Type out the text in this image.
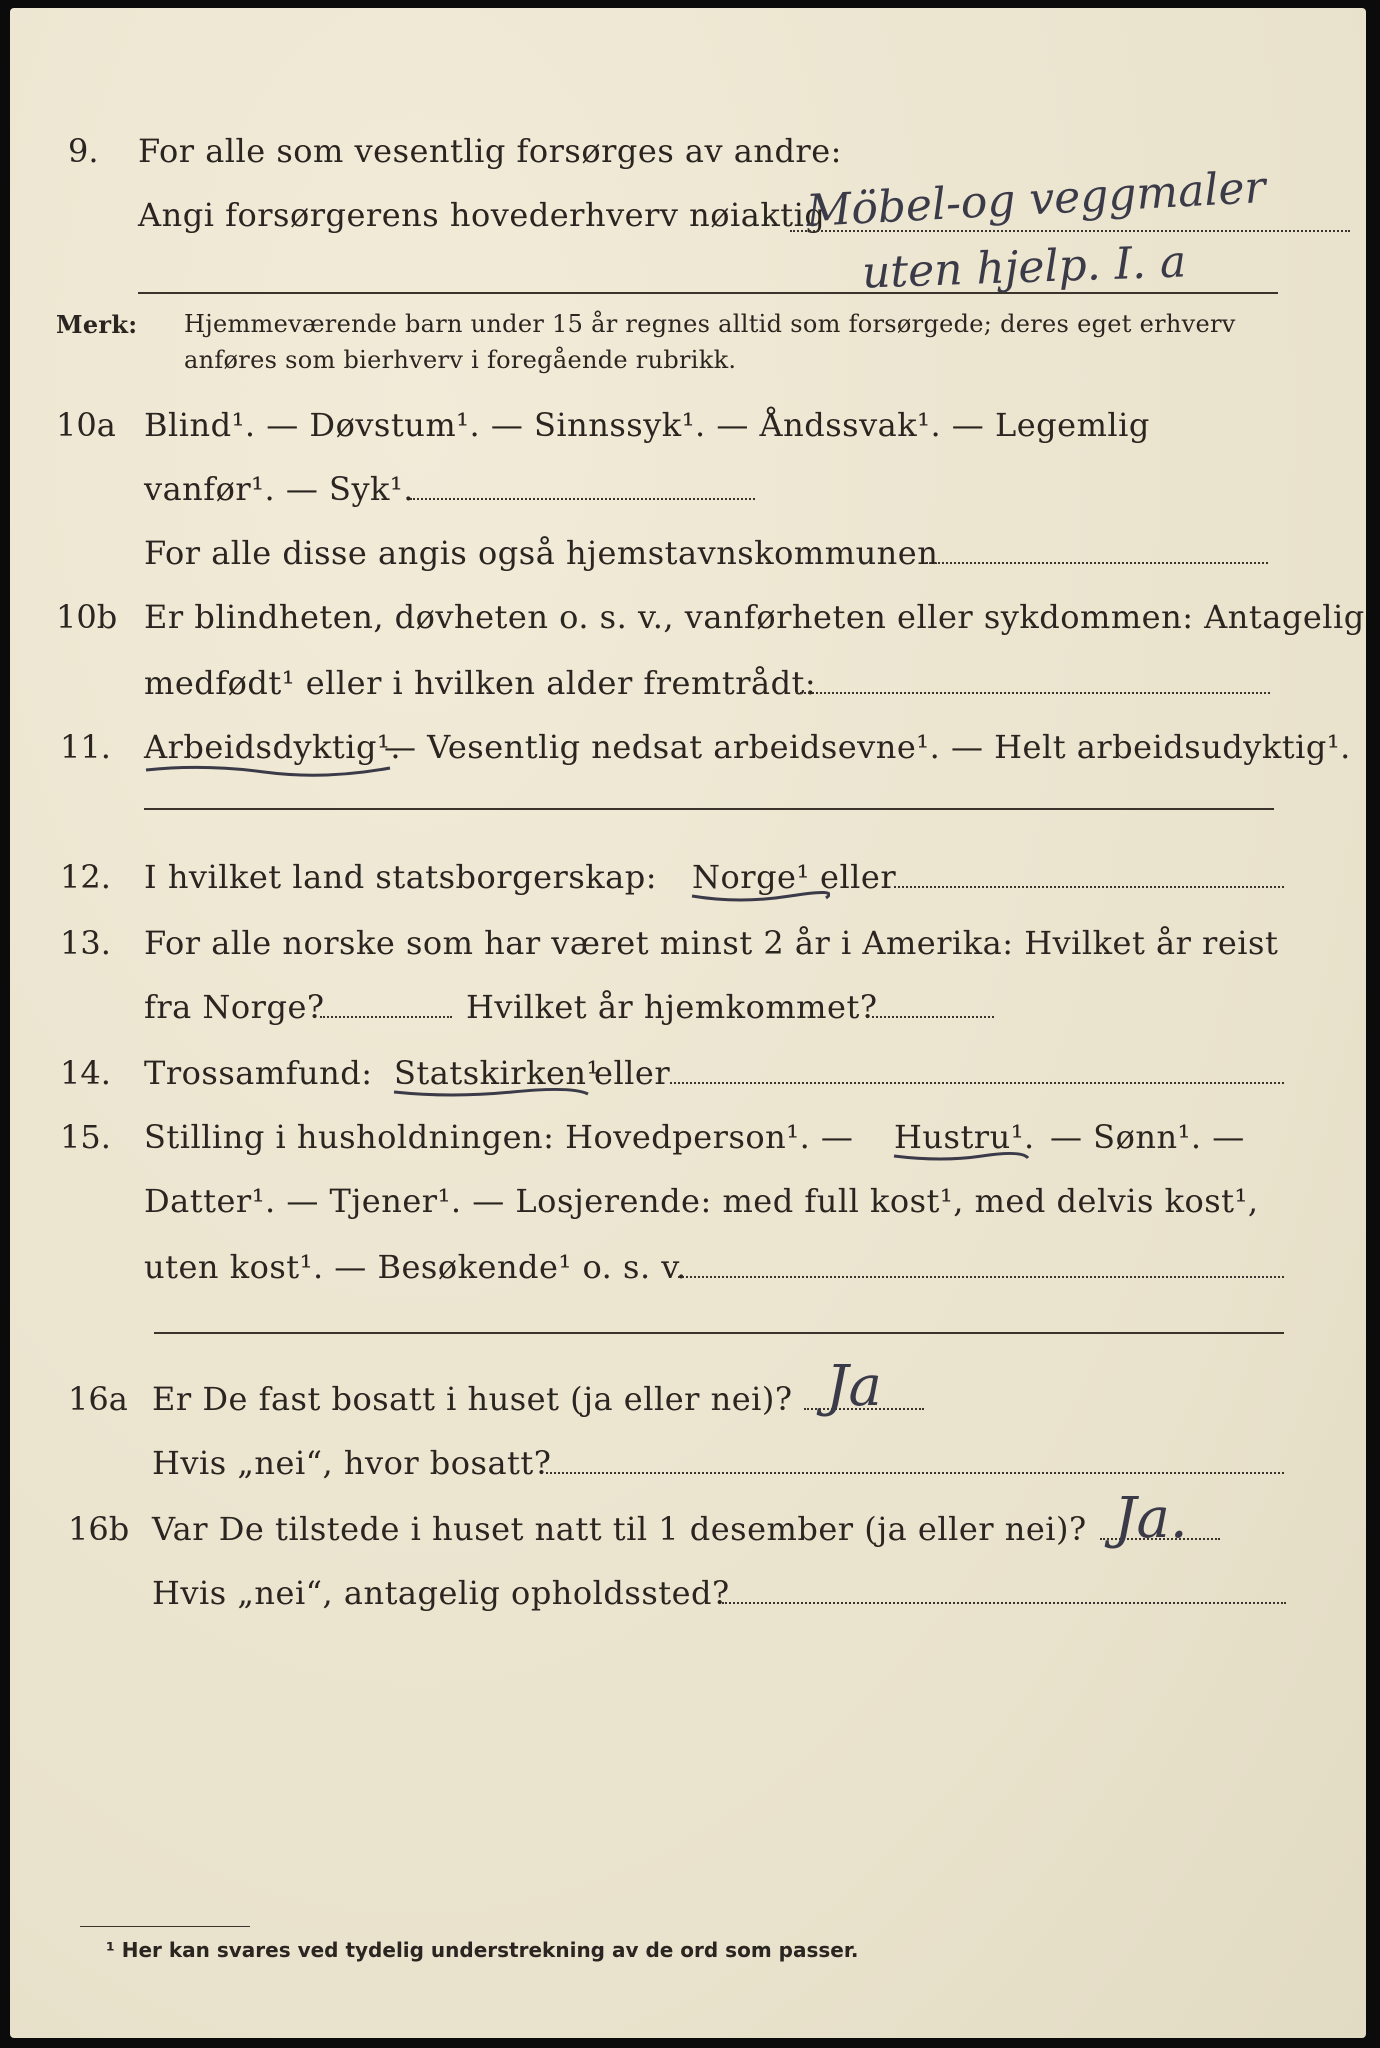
9. For alle som vesentlig forsørges av andre:
Angi forsørgerens hovederhverv nøiaktig
Möbel-og veggmaler
uten hjelp. I. a
Merk: Hjemmeværende barn under 15 år regnes alltid som forsørgede; deres eget erhverv
anføres som bierhverv i foregående rubrikk.
10a Blind¹. — Døvstum¹. — Sinnssyk¹. — Åndssvak¹. — Legemlig
vanfør¹. — Syk¹.
For alle disse angis også hjemstavnskommunen
10b Er blindheten, døvheten o. s. v., vanførheten eller sykdommen: Antagelig
medfødt¹ eller i hvilken alder fremtrådt:
11. Arbeidsdyktig¹.
— Vesentlig nedsat arbeidsevne¹. — Helt arbeidsudyktig¹.
12. I hvilket land statsborgerskap: Norge¹ eller
13. For alle norske som har været minst 2 år i Amerika: Hvilket år reist
fra Norge?	Hvilket år hjemkommet?
14. Trossamfund: Statskirken¹
eller
15. Stilling i husholdningen: Hovedperson¹. — Hustru¹. — Sønn¹. —
Datter¹. — Tjener¹. — Losjerende: med full kost¹, med delvis kost¹,
uten kost¹. — Besøkende¹ o. s. v.
16a Er De fast bosatt i huset (ja eller nei)? Ja
Hvis „nei“, hvor bosatt?
16b Var De tilstede i huset natt til 1 desember (ja eller nei)? Ja.
Hvis „nei“, antagelig opholdssted?
¹ Her kan svares ved tydelig understrekning av de ord som passer.
